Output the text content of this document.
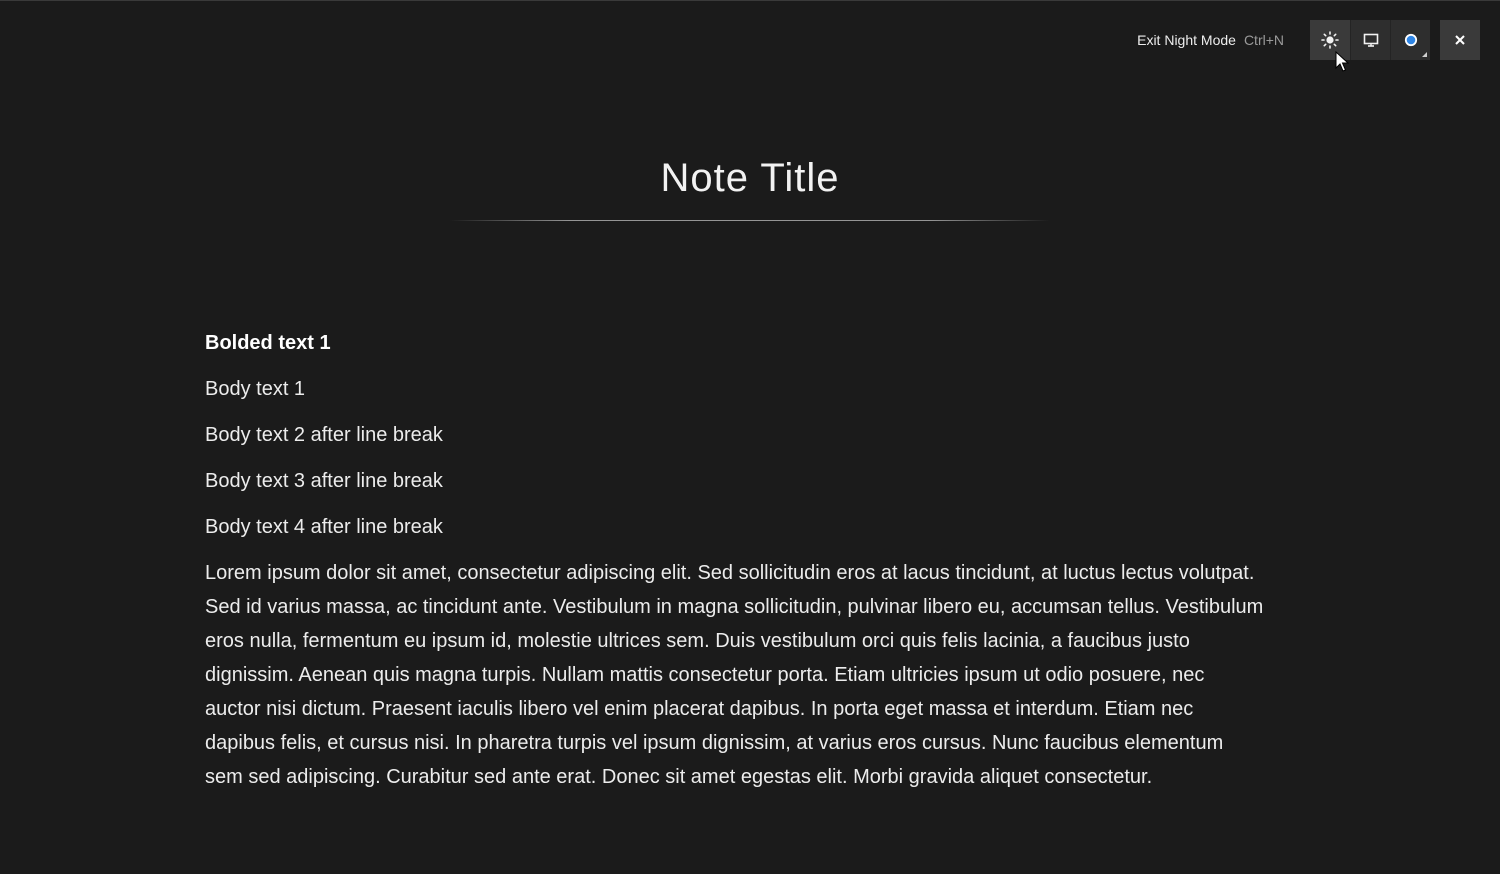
Exit Night Mode Ctrl+N
Note Title

Bolded text 1

Body text 1

Body text 2 after line break

Body text 3 after line break

Body text 4 after line break

Lorem ipsum dolor sit amet, consectetur adipiscing elit. Sed sollicitudin eros at lacus tincidunt, at luctus lectus volutpat. Sed id varius massa, ac tincidunt ante. Vestibulum in magna sollicitudin, pulvinar libero eu, accumsan tellus. Vestibulum eros nulla, fermentum eu ipsum id, molestie ultrices sem. Duis vestibulum orci quis felis lacinia, a faucibus justo dignissim. Aenean quis magna turpis. Nullam mattis consectetur porta. Etiam ultricies ipsum ut odio posuere, nec auctor nisi dictum. Praesent iaculis libero vel enim placerat dapibus. In porta eget massa et interdum. Etiam nec dapibus felis, et cursus nisi. In pharetra turpis vel ipsum dignissim, at varius eros cursus. Nunc faucibus elementum sem sed adipiscing. Curabitur sed ante erat. Donec sit amet egestas elit. Morbi gravida aliquet consectetur.
